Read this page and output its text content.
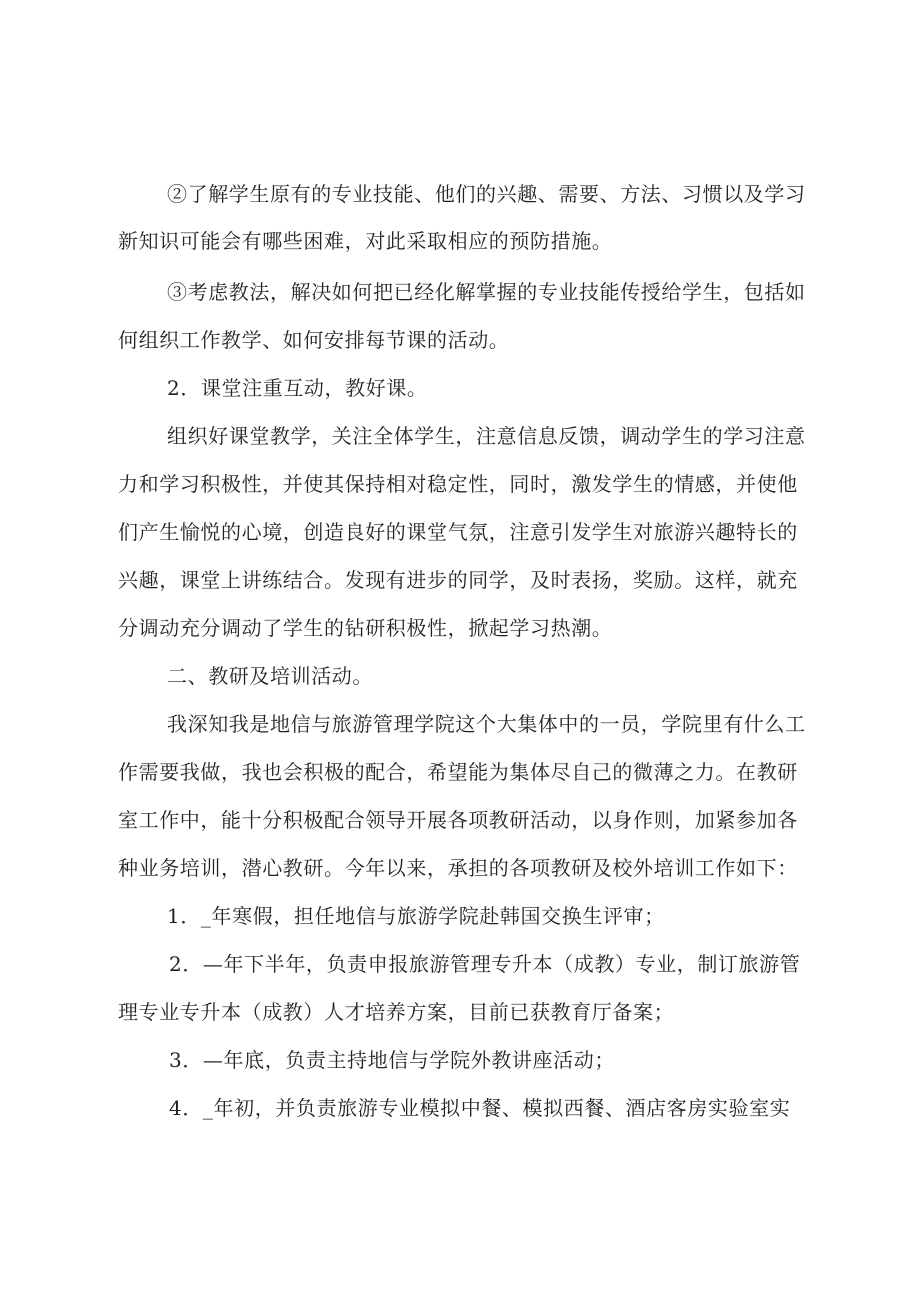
②了解学生原有的专业技能、他们的兴趣、需要、方法、习惯以及学习
新知识可能会有哪些困难，对此采取相应的预防措施。
③考虑教法，解决如何把已经化解掌握的专业技能传授给学生，包括如
何组织工作教学、如何安排每节课的活动。
2．课堂注重互动，教好课。
组织好课堂教学，关注全体学生，注意信息反馈，调动学生的学习注意
力和学习积极性，并使其保持相对稳定性，同时，激发学生的情感，并使他
们产生愉悦的心境，创造良好的课堂气氛，注意引发学生对旅游兴趣特长的
兴趣，课堂上讲练结合。发现有进步的同学，及时表扬，奖励。这样，就充
分调动充分调动了学生的钻研积极性，掀起学习热潮。
二、教研及培训活动。
我深知我是地信与旅游管理学院这个大集体中的一员，学院里有什么工
作需要我做，我也会积极的配合，希望能为集体尽自己的微薄之力。在教研
室工作中，能十分积极配合领导开展各项教研活动，以身作则，加紧参加各
种业务培训，潜心教研。今年以来，承担的各项教研及校外培训工作如下：
1．_年寒假，担任地信与旅游学院赴韩国交换生评审；
2．—年下半年，负责申报旅游管理专升本（成教）专业，制订旅游管
理专业专升本（成教）人才培养方案，目前已获教育厅备案；
3．—年底，负责主持地信与学院外教讲座活动；
4．_年初，并负责旅游专业模拟中餐、模拟西餐、酒店客房实验室实
